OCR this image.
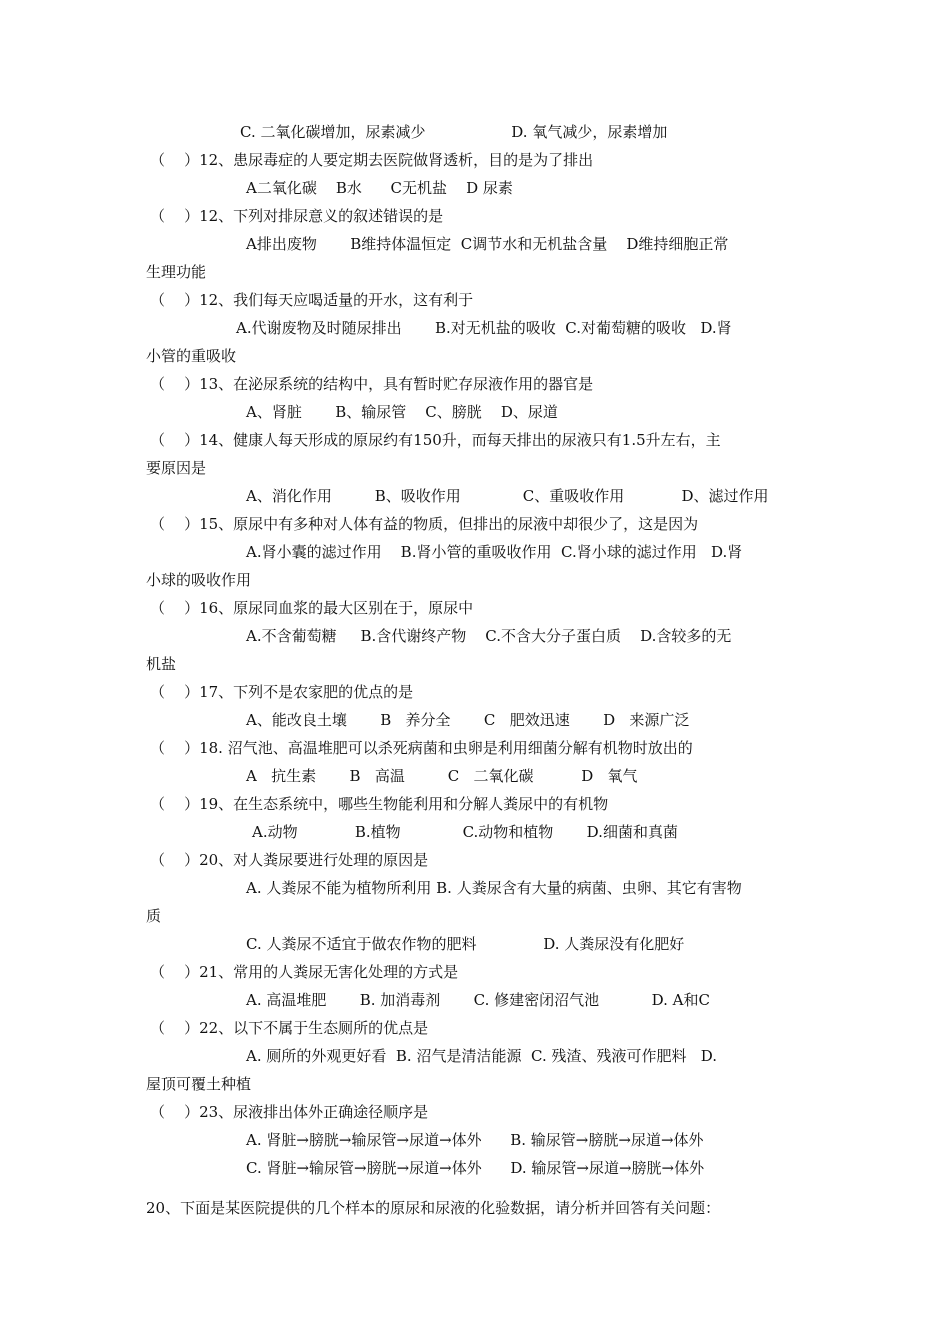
C. 二氧化碳增加，尿素减少                  D. 氧气减少，尿素增加
（    ）12、患尿毒症的人要定期去医院做肾透析，目的是为了排出
A二氧化碳    B水      C无机盐    D 尿素
（    ）12、下列对排尿意义的叙述错误的是
A排出废物       B维持体温恒定  C调节水和无机盐含量    D维持细胞正常
生理功能
（    ）12、我们每天应喝适量的开水，这有利于
A.代谢废物及时随尿排出       B.对无机盐的吸收  C.对葡萄糖的吸收   D.肾
小管的重吸收
（    ）13、在泌尿系统的结构中，具有暂时贮存尿液作用的器官是
A、肾脏       B、输尿管    C、膀胱    D、尿道
（    ）14、健康人每天形成的原尿约有150升，而每天排出的尿液只有1.5升左右，主
要原因是
A、消化作用         B、吸收作用             C、重吸收作用            D、滤过作用
（    ）15、原尿中有多种对人体有益的物质，但排出的尿液中却很少了，这是因为
A.肾小囊的滤过作用    B.肾小管的重吸收作用  C.肾小球的滤过作用   D.肾
小球的吸收作用
（    ）16、原尿同血浆的最大区别在于，原尿中
A.不含葡萄糖     B.含代谢终产物    C.不含大分子蛋白质    D.含较多的无
机盐
（    ）17、下列不是农家肥的优点的是
A、能改良土壤       B   养分全       C   肥效迅速       D   来源广泛
（    ）18. 沼气池、高温堆肥可以杀死病菌和虫卵是利用细菌分解有机物时放出的
A   抗生素       B   高温         C   二氧化碳          D   氧气
（    ）19、在生态系统中，哪些生物能利用和分解人粪尿中的有机物
A.动物            B.植物             C.动物和植物       D.细菌和真菌
（    ）20、对人粪尿要进行处理的原因是
A. 人粪尿不能为植物所利用 B. 人粪尿含有大量的病菌、虫卵、其它有害物
质
C. 人粪尿不适宜于做农作物的肥料              D. 人粪尿没有化肥好
（    ）21、常用的人粪尿无害化处理的方式是
A. 高温堆肥       B. 加消毒剂       C. 修建密闭沼气池           D. A和C
（    ）22、以下不属于生态厕所的优点是
A. 厕所的外观更好看  B. 沼气是清洁能源  C. 残渣、残液可作肥料   D.
屋顶可覆土种植
（    ）23、尿液排出体外正确途径顺序是
A. 肾脏→膀胱→输尿管→尿道→体外      B. 输尿管→膀胱→尿道→体外
C. 肾脏→输尿管→膀胱→尿道→体外      D. 输尿管→尿道→膀胱→体外
20、下面是某医院提供的几个样本的原尿和尿液的化验数据，请分析并回答有关问题：
